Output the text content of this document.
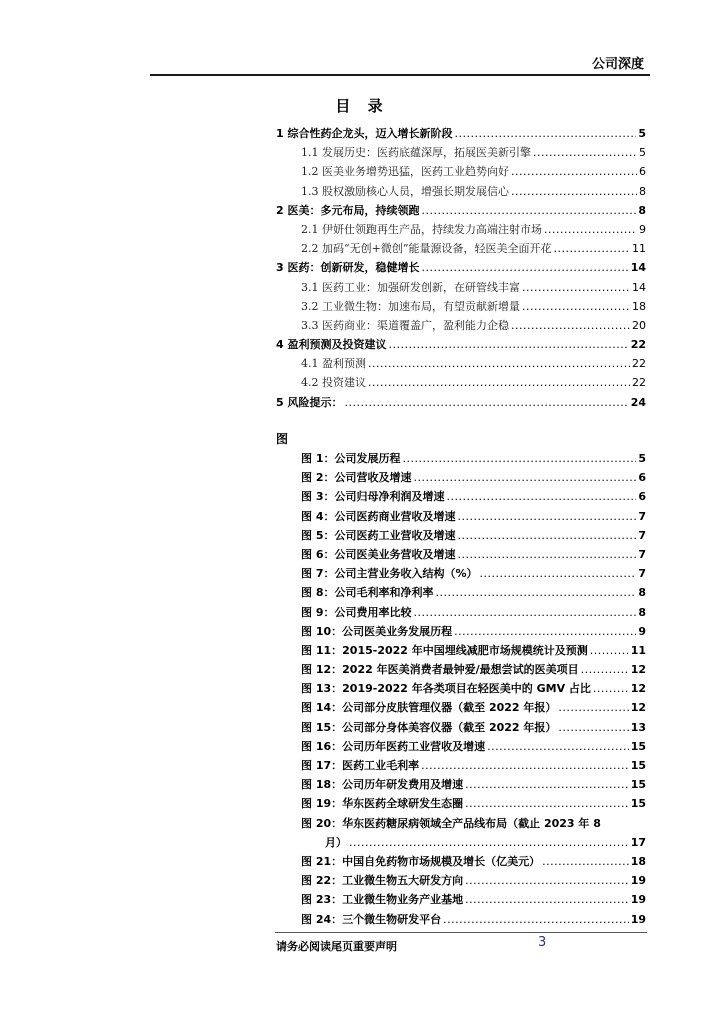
公司深度
目 录
1 综合性药企龙头，迈入增长新阶段 .....	5
1.1 发展历史：医药底蕴深厚，拓展医美新引擎 .....	5
1.2 医美业务增势迅猛，医药工业趋势向好 .....	6
1.3 股权激励核心人员，增强长期发展信心 .....	8
2 医美：多元布局，持续领跑 .....	8
2.1 伊妍仕领跑再生产品，持续发力高端注射市场 .....	9
2.2 加码“无创+微创”能量源设备，轻医美全面开花 .....	11
3 医药：创新研发，稳健增长 .....	14
3.1 医药工业：加强研发创新，在研管线丰富 .....	14
3.2 工业微生物：加速布局，有望贡献新增量 .....	18
3.3 医药商业：渠道覆盖广，盈利能力企稳 .....	20
4 盈利预测及投资建议 .....	22
4.1 盈利预测 .....	22
4.2 投资建议 .....	22
5 风险提示： .....	24
图
图 1：公司发展历程 .....	5
图 2：公司营收及增速 .....	6
图 3：公司归母净利润及增速 .....	6
图 4：公司医药商业营收及增速 .....	7
图 5：公司医药工业营收及增速 .....	7
图 6：公司医美业务营收及增速 .....	7
图 7：公司主营业务收入结构（%） .....	7
图 8：公司毛利率和净利率 .....	8
图 9：公司费用率比较 .....	8
图 10：公司医美业务发展历程 .....	9
图 11：2015-2022 年中国埋线减肥市场规模统计及预测 .....	11
图 12：2022 年医美消费者最钟爱/最想尝试的医美项目 .....	12
图 13：2019-2022 年各类项目在轻医美中的 GMV 占比 .....	12
图 14：公司部分皮肤管理仪器（截至 2022 年报） .....	12
图 15：公司部分身体美容仪器（截至 2022 年报） .....	13
图 16：公司历年医药工业营收及增速 .....	15
图 17：医药工业毛利率 .....	15
图 18：公司历年研发费用及增速 .....	15
图 19：华东医药全球研发生态圈 .....	15
图 20：华东医药糖尿病领域全产品线布局（截止 2023 年 8
月） .....	17
图 21：中国自免药物市场规模及增长（亿美元） .....	18
图 22：工业微生物五大研发方向 .....	19
图 23：工业微生物业务产业基地 .....	19
图 24：三个微生物研发平台 .....	19
请务必阅读尾页重要声明	3
